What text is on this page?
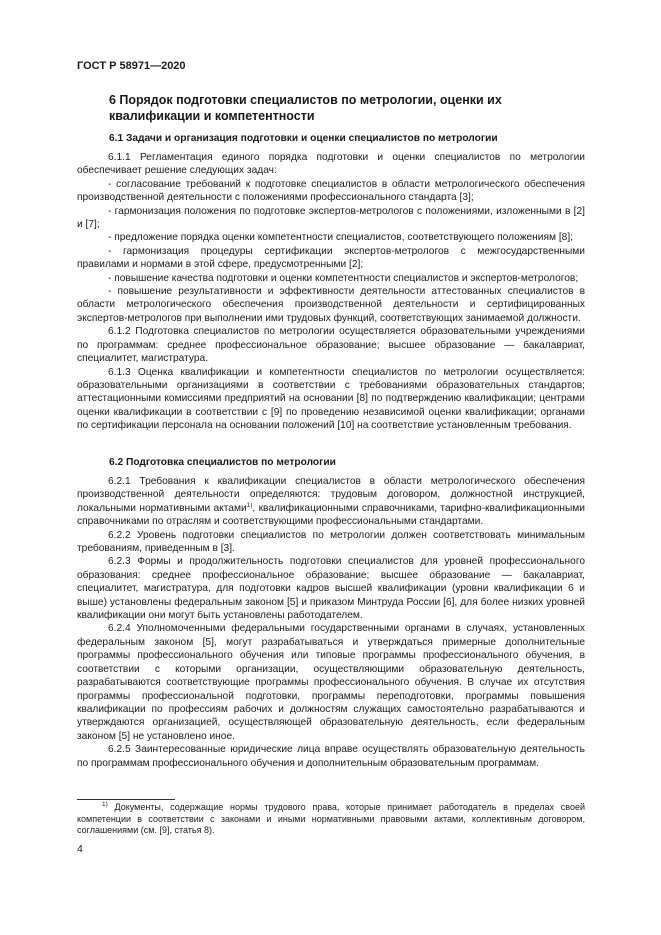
ГОСТ Р 58971—2020
6 Порядок подготовки специалистов по метрологии, оценки их квалификации и компетентности
6.1 Задачи и организация подготовки и оценки специалистов по метрологии

6.1.1 Регламентация единого порядка подготовки и оценки специалистов по метрологии обеспечивает решение следующих задач:

- согласование требований к подготовке специалистов в области метрологического обеспечения производственной деятельности с положениями профессионального стандарта [3];

- гармонизация положения по подготовке экспертов-метрологов с положениями, изложенными в [2] и [7];

- предложение порядка оценки компетентности специалистов, соответствующего положениям [8];

- гармонизация процедуры сертификации экспертов-метрологов с межгосударственными правилами и нормами в этой сфере, предусмотренными [2];

- повышение качества подготовки и оценки компетентности специалистов и экспертов-метрологов;

- повышение результативности и эффективности деятельности аттестованных специалистов в области метрологического обеспечения производственной деятельности и сертифицированных экспертов-метрологов при выполнении ими трудовых функций, соответствующих занимаемой должности.

6.1.2 Подготовка специалистов по метрологии осуществляется образовательными учреждениями по программам: среднее профессиональное образование; высшее образование — бакалавриат, специалитет, магистратура.

6.1.3 Оценка квалификации и компетентности специалистов по метрологии осуществляется: образовательными организациями в соответствии с требованиями образовательных стандартов; аттестационными комиссиями предприятий на основании [8] по подтверждению квалификации; центрами оценки квалификации в соответствии с [9] по проведению независимой оценки квалификации; органами по сертификации персонала на основании положений [10] на соответствие установленным требования.

6.2 Подготовка специалистов по метрологии

6.2.1 Требования к квалификации специалистов в области метрологического обеспечения производственной деятельности определяются: трудовым договором, должностной инструкцией, локальными нормативными актами$^{1)}$, квалификационными справочниками, тарифно-квалификационными справочниками по отраслям и соответствующими профессиональными стандартами.

6.2.2 Уровень подготовки специалистов по метрологии должен соответствовать минимальным требованиям, приведенным в [3].

6.2.3 Формы и продолжительность подготовки специалистов для уровней профессионального образования: среднее профессиональное образование; высшее образование — бакалавриат, специалитет, магистратура, для подготовки кадров высшей квалификации (уровни квалификации 6 и выше) установлены федеральным законом [5] и приказом Минтруда России [6], для более низких уровней квалификации они могут быть установлены работодателем.

6.2.4 Уполномоченными федеральными государственными органами в случаях, установленных федеральным законом [5], могут разрабатываться и утверждаться примерные дополнительные программы профессионального обучения или типовые программы профессионального обучения, в соответствии с которыми организации, осуществляющими образовательную деятельность, разрабатываются соответствующие программы профессионального обучения. В случае их отсутствия программы профессиональной подготовки, программы переподготовки, программы повышения квалификации по профессиям рабочих и должностям служащих самостоятельно разрабатываются и утверждаются организацией, осуществляющей образовательную деятельность, если федеральным законом [5] не установлено иное.

6.2.5 Заинтересованные юридические лица вправе осуществлять образовательную деятельность по программам профессионального обучения и дополнительным образовательным программам.

$^{1)}$ Документы, содержащие нормы трудового права, которые принимает работодатель в пределах своей компетенции в соответствии с законами и иными нормативными правовыми актами, коллективным договором, соглашениями (см. [9], статья 8).
4
